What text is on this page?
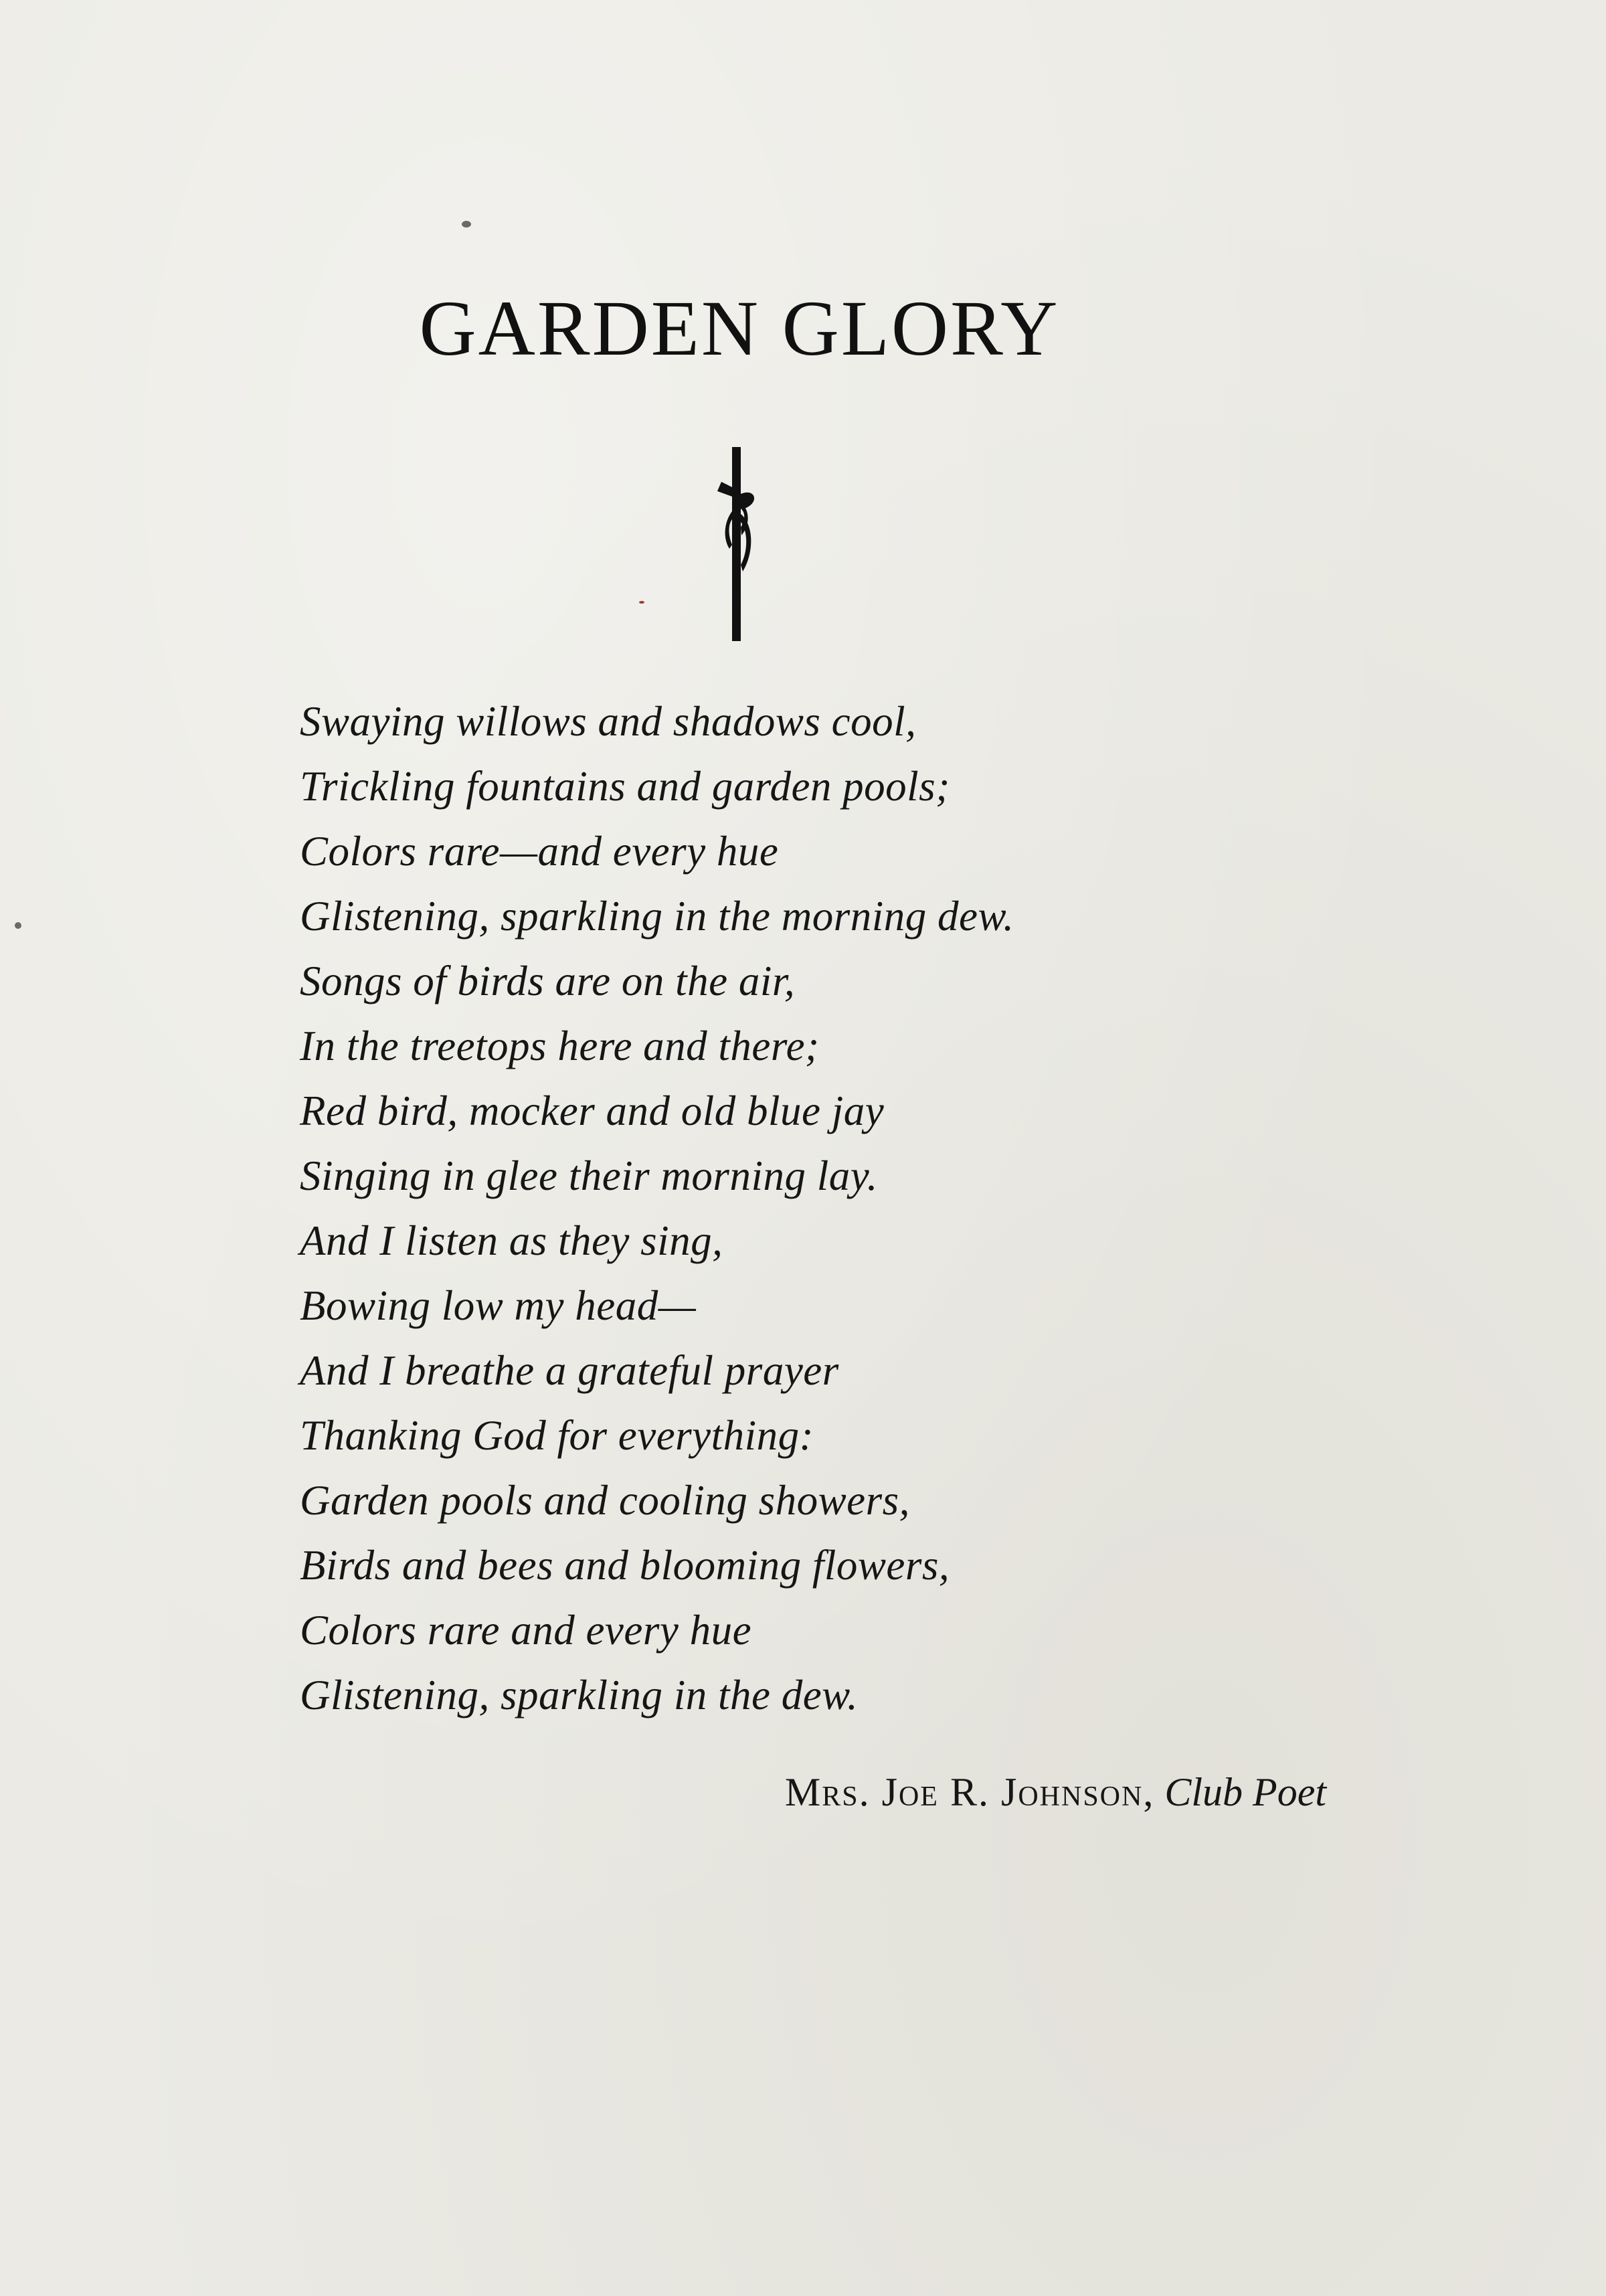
GARDEN GLORY
Swaying willows and shadows cool,
Trickling fountains and garden pools;
Colors rare—and every hue
Glistening, sparkling in the morning dew.
Songs of birds are on the air,
In the treetops here and there;
Red bird, mocker and old blue jay
Singing in glee their morning lay.
And I listen as they sing,
Bowing low my head—
And I breathe a grateful prayer
Thanking God for everything:
Garden pools and cooling showers,
Birds and bees and blooming flowers,
Colors rare and every hue
Glistening, sparkling in the dew.
Mrs. Joe R. Johnson, Club Poet
